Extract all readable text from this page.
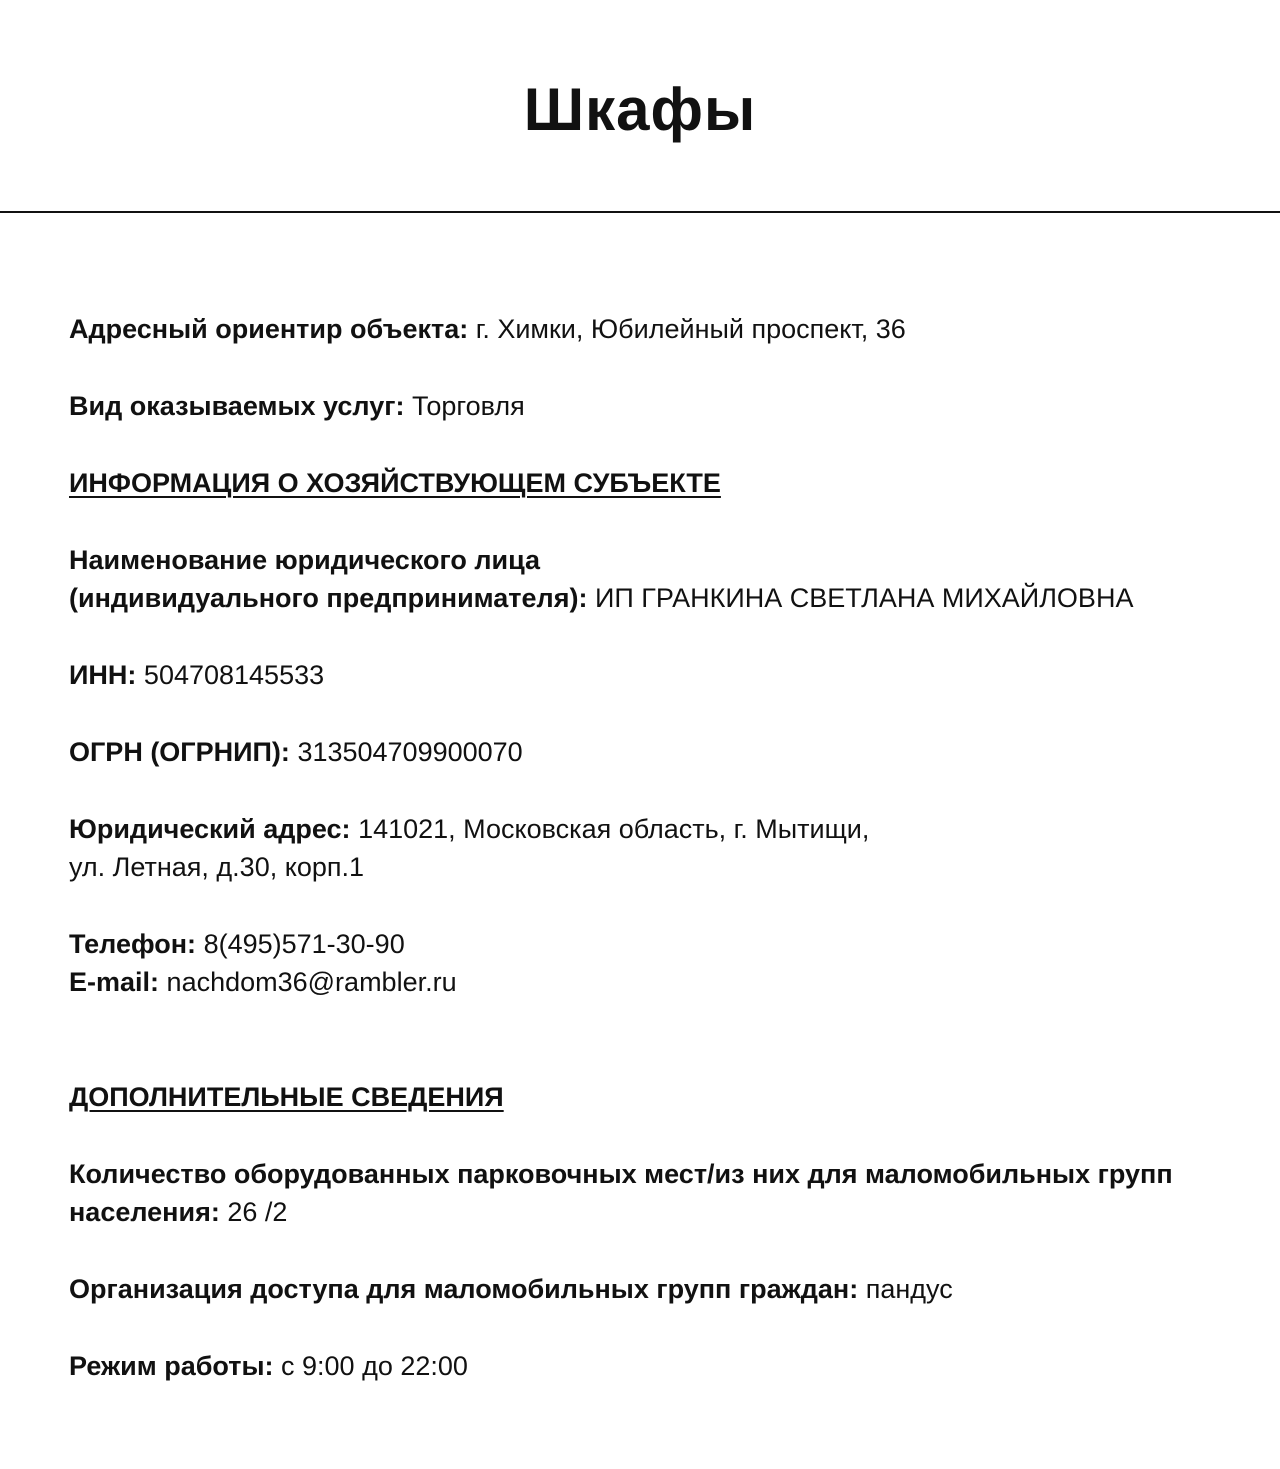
Шкафы

Адресный ориентир объекта: г. Химки, Юбилейный проспект, 36

Вид оказываемых услуг: Торговля

ИНФОРМАЦИЯ О ХОЗЯЙСТВУЮЩЕМ СУБЪЕКТЕ

Наименование юридического лица
(индивидуального предпринимателя): ИП ГРАНКИНА СВЕТЛАНА МИХАЙЛОВНА

ИНН: 504708145533

ОГРН (ОГРНИП): 313504709900070

Юридический адрес: 141021, Московская область, г. Мытищи,
ул. Летная, д.30, корп.1

Телефон: 8(495)571-30-90

E-mail: nachdom36@rambler.ru

ДОПОЛНИТЕЛЬНЫЕ СВЕДЕНИЯ

Количество оборудованных парковочных мест/из них для маломобильных групп
населения: 26 /2

Организация доступа для маломобильных групп граждан: пандус

Режим работы: с 9:00 до 22:00
